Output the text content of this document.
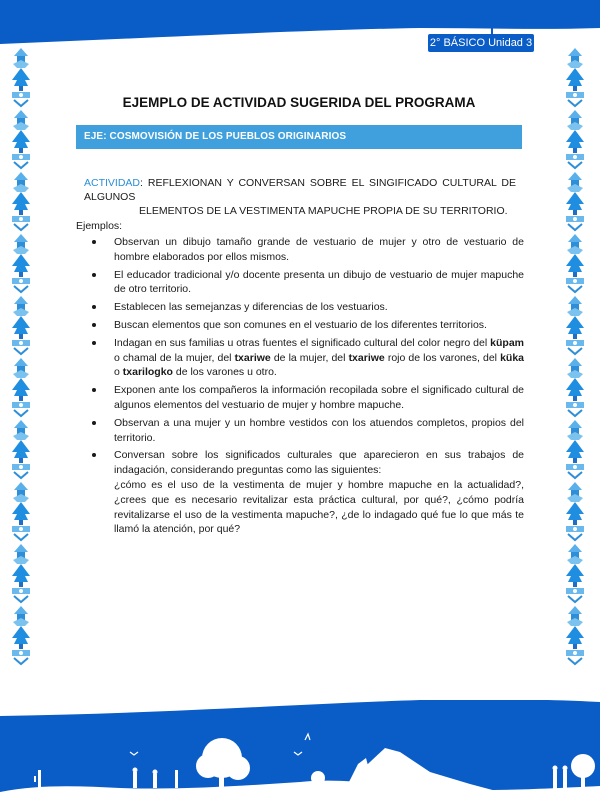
2° BÁSICO Unidad 3
EJEMPLO DE ACTIVIDAD SUGERIDA DEL PROGRAMA
EJE: COSMOVISIÓN DE LOS PUEBLOS ORIGINARIOS
ACTIVIDAD: REFLEXIONAN Y CONVERSAN SOBRE EL SINGIFICADO CULTURAL DE ALGUNOS
ELEMENTOS DE LA VESTIMENTA MAPUCHE PROPIA DE SU TERRITORIO.
Ejemplos:
Observan un dibujo tamaño grande de vestuario de mujer y otro de vestuario de hombre elaborados por ellos mismos.
El educador tradicional y/o docente presenta un dibujo de vestuario de mujer mapuche de otro territorio.
Establecen las semejanzas y diferencias de los vestuarios.
Buscan elementos que son comunes en el vestuario de los diferentes territorios.
Indagan en sus familias u otras fuentes el significado cultural del color negro del küpam o chamal de la mujer, del txariwe de la mujer, del txariwe rojo de los varones, del küka o txarilogko de los varones u otro.
Exponen ante los compañeros la información recopilada sobre el significado cultural de algunos elementos del vestuario de mujer y hombre mapuche.
Observan a una mujer y un hombre vestidos con los atuendos completos, propios del territorio.
Conversan sobre los significados culturales que aparecieron en sus trabajos de indagación, considerando preguntas como las siguientes:
¿cómo es el uso de la vestimenta de mujer y hombre mapuche en la actualidad?, ¿crees que es necesario revitalizar esta práctica cultural, por qué?, ¿cómo podría revitalizarse el uso de la vestimenta mapuche?, ¿de lo indagado qué fue lo que más te llamó la atención, por qué?
